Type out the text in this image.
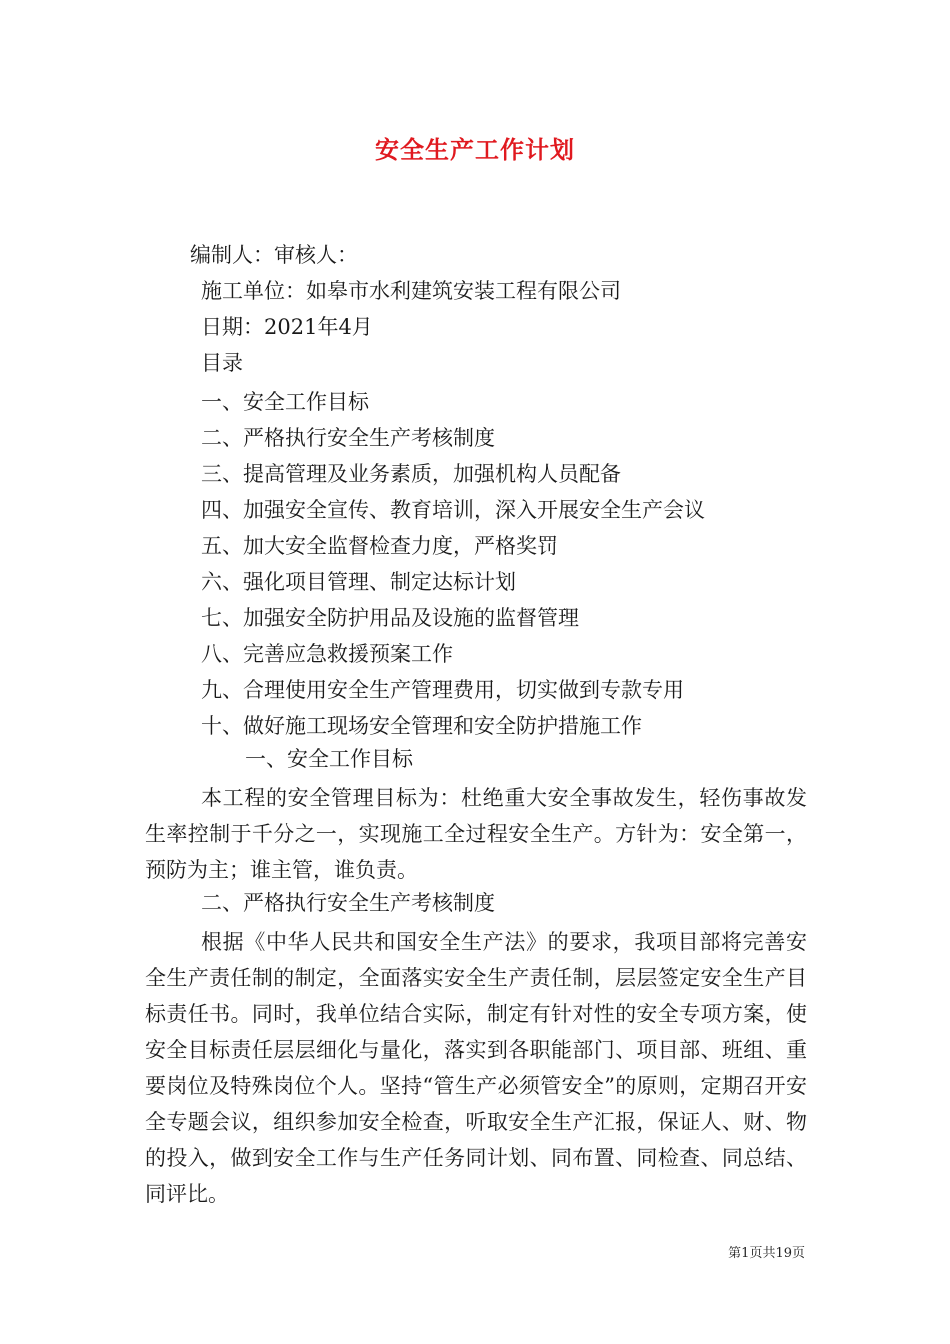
安全生产工作计划
编制人：审核人：
施工单位：如皋市水利建筑安装工程有限公司
日期：2021年4月
目录
一、安全工作目标
二、严格执行安全生产考核制度
三、提高管理及业务素质，加强机构人员配备
四、加强安全宣传、教育培训，深入开展安全生产会议
五、加大安全监督检查力度，严格奖罚
六、强化项目管理、制定达标计划
七、加强安全防护用品及设施的监督管理
八、完善应急救援预案工作
九、合理使用安全生产管理费用，切实做到专款专用
十、做好施工现场安全管理和安全防护措施工作
一、安全工作目标

本工程的安全管理目标为：杜绝重大安全事故发生，轻伤事故发生率控制于千分之一，实现施工全过程安全生产。方针为：安全第一，预防为主；谁主管，谁负责。

二、严格执行安全生产考核制度

根据《中华人民共和国安全生产法》的要求，我项目部将完善安全生产责任制的制定，全面落实安全生产责任制，层层签定安全生产目标责任书。同时，我单位结合实际，制定有针对性的安全专项方案，使安全目标责任层层细化与量化，落实到各职能部门、项目部、班组、重要岗位及特殊岗位个人。坚持“管生产必须管安全”的原则，定期召开安全专题会议，组织参加安全检查，听取安全生产汇报，保证人、财、物的投入，做到安全工作与生产任务同计划、同布置、同检查、同总结、同评比。

第1页共19页
